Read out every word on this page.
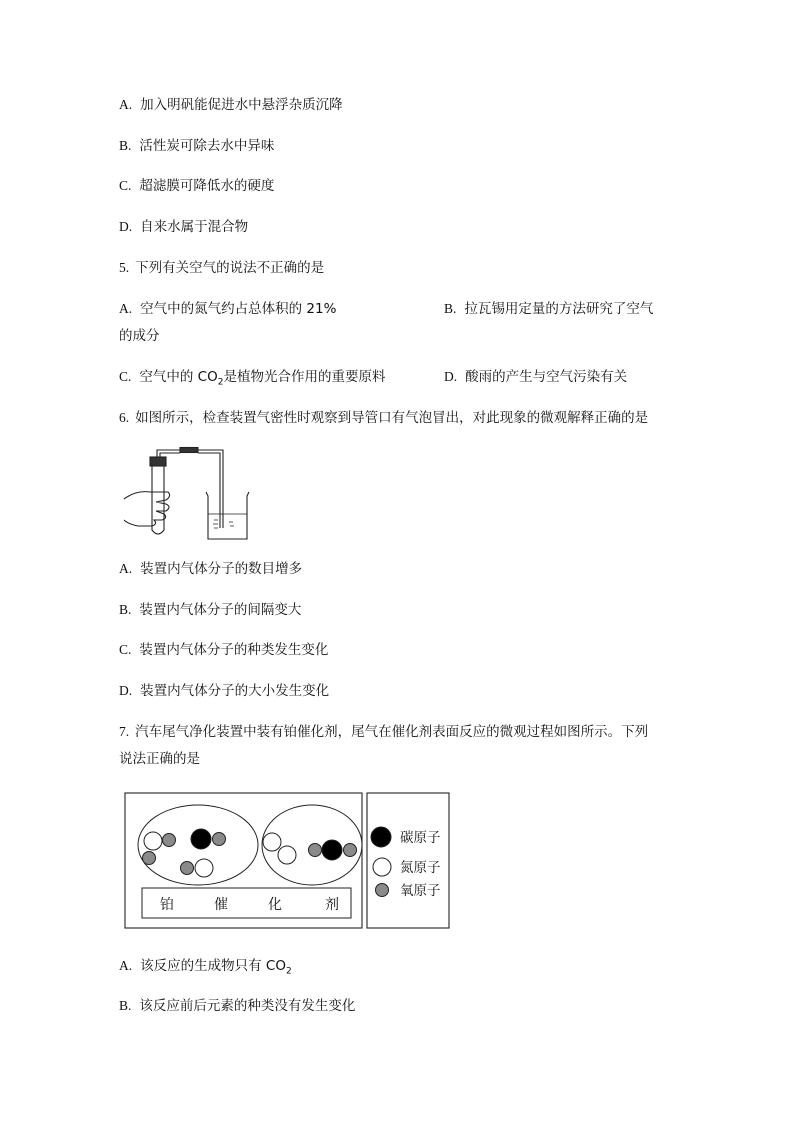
A. 加入明矾能促进水中悬浮杂质沉降
B. 活性炭可除去水中异味
C. 超滤膜可降低水的硬度
D. 自来水属于混合物
5. 下列有关空气的说法不正确的是
A. 空气中的氮气约占总体积的 21%	B. 拉瓦锡用定量的方法研究了空气
的成分
C. 空气中的 $CO_2$是植物光合作用的重要原料	D. 酸雨的产生与空气污染有关
6. 如图所示，检查装置气密性时观察到导管口有气泡冒出，对此现象的微观解释正确的是
A. 装置内气体分子的数目增多
B. 装置内气体分子的间隔变大
C. 装置内气体分子的种类发生变化
D. 装置内气体分子的大小发生变化
7. 汽车尾气净化装置中装有铂催化剂，尾气在催化剂表面反应的微观过程如图所示。下列
说法正确的是
铂	催	化	剂
碳原子
氮原子
氧原子
A. 该反应的生成物只有 $CO_2$
B. 该反应前后元素的种类没有发生变化
